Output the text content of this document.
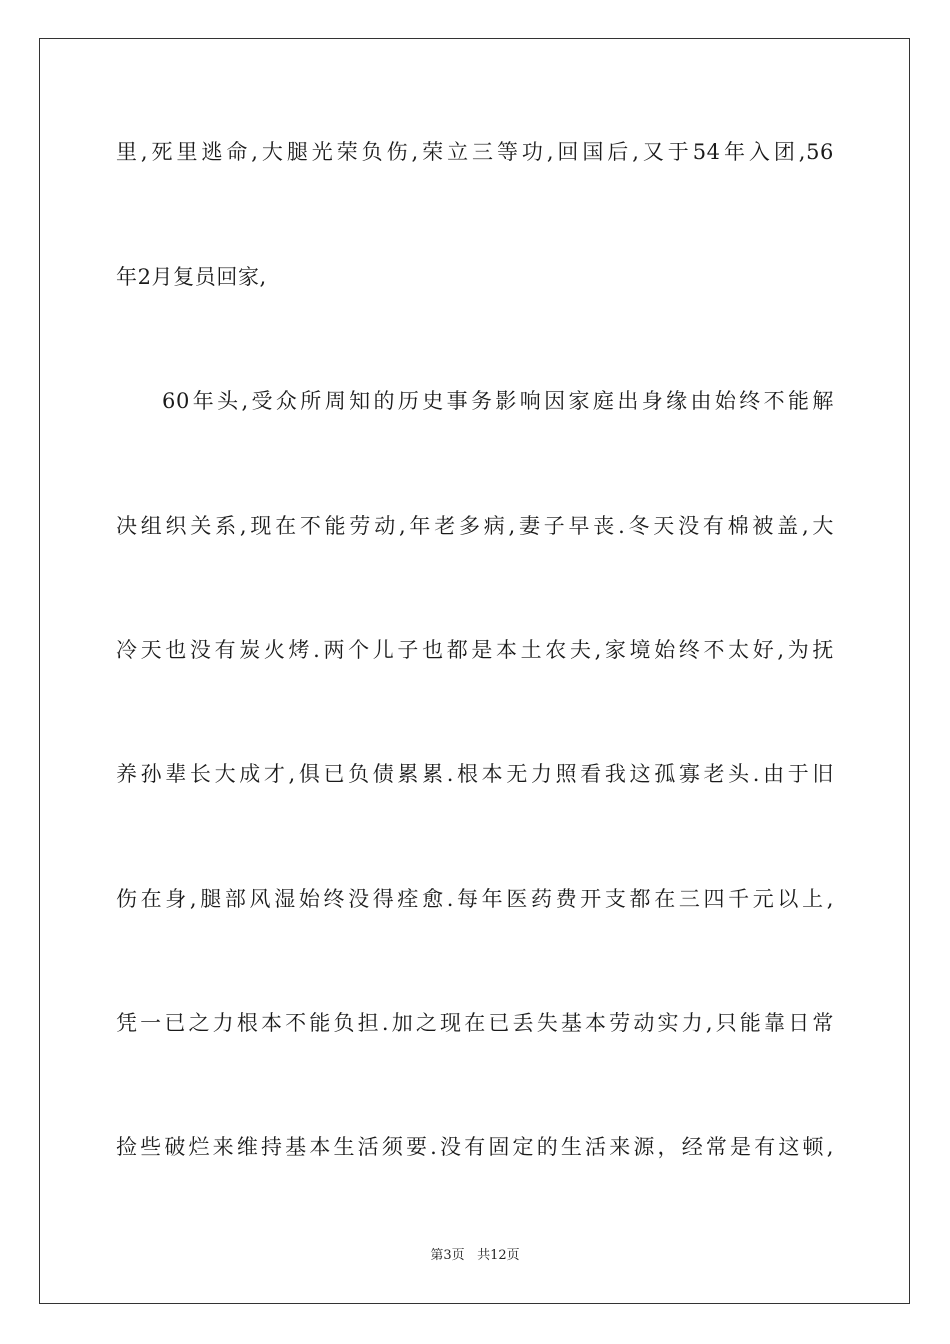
里,死里逃命,大腿光荣负伤,荣立三等功,回国后,又于54年入团,56
年2月复员回家,
60年头,受众所周知的历史事务影响因家庭出身缘由始终不能解
决组织关系,现在不能劳动,年老多病,妻子早丧.冬天没有棉被盖,大
冷天也没有炭火烤.两个儿子也都是本土农夫,家境始终不太好,为抚
养孙辈长大成才,俱已负债累累.根本无力照看我这孤寡老头.由于旧
伤在身,腿部风湿始终没得痊愈.每年医药费开支都在三四千元以上,
凭一已之力根本不能负担.加之现在已丢失基本劳动实力,只能靠日常
捡些破烂来维持基本生活须要.没有固定的生活来源，经常是有这顿,
第3页 共12页
